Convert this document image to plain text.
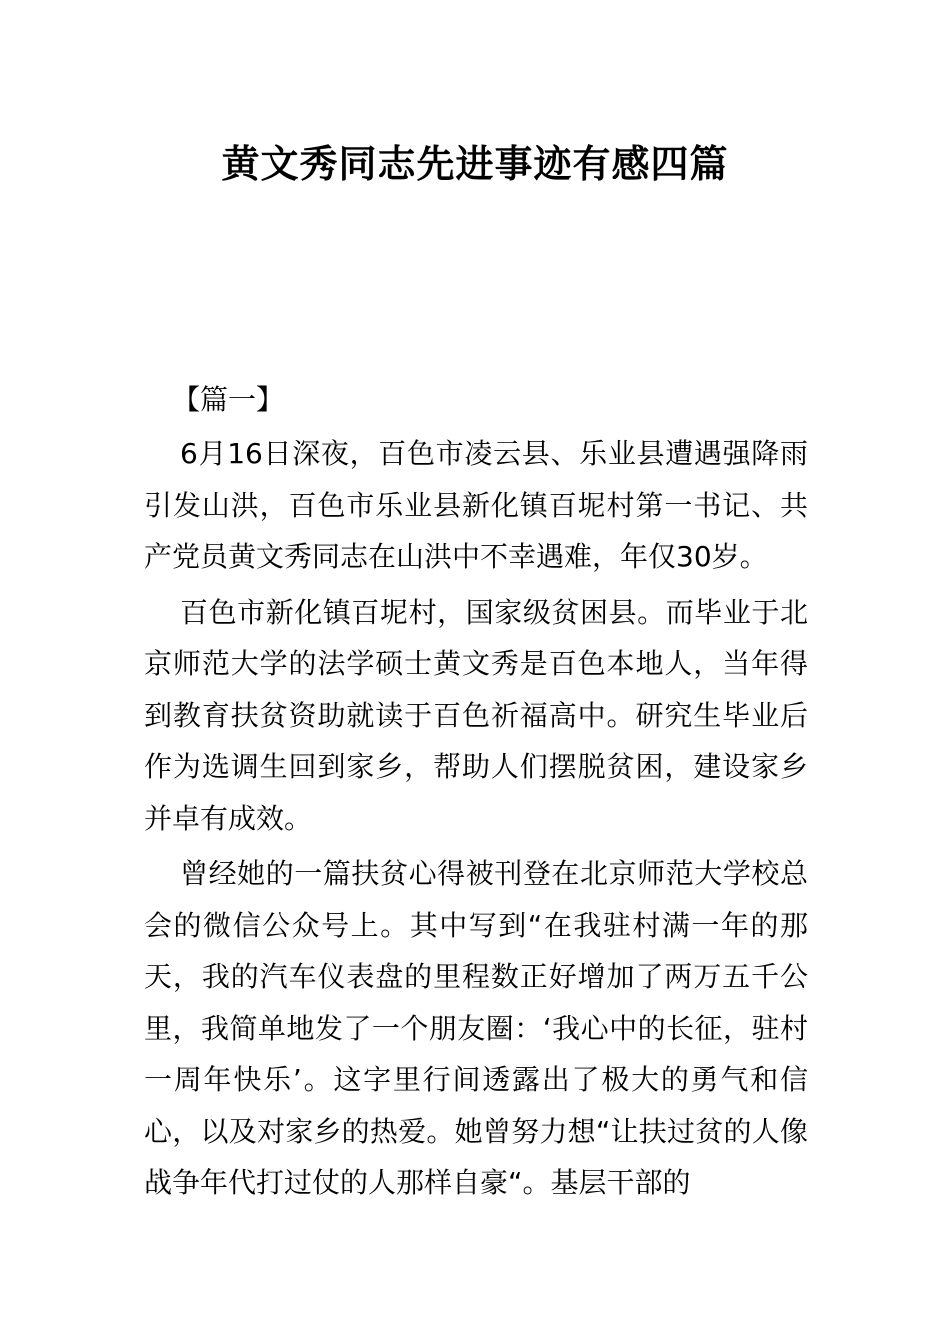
黄文秀同志先进事迹有感四篇

【篇一】

6月16日深夜，百色市凌云县、乐业县遭遇强降雨引发山洪，百色市乐业县新化镇百坭村第一书记、共产党员黄文秀同志在山洪中不幸遇难，年仅30岁。

百色市新化镇百坭村，国家级贫困县。而毕业于北京师范大学的法学硕士黄文秀是百色本地人，当年得到教育扶贫资助就读于百色祈福高中。研究生毕业后作为选调生回到家乡，帮助人们摆脱贫困，建设家乡并卓有成效。

曾经她的一篇扶贫心得被刊登在北京师范大学校总会的微信公众号上。其中写到“在我驻村满一年的那天，我的汽车仪表盘的里程数正好增加了两万五千公里，我简单地发了一个朋友圈：‘我心中的长征，驻村一周年快乐’。这字里行间透露出了极大的勇气和信心，以及对家乡的热爱。她曾努力想“让扶过贫的人像战争年代打过仗的人那样自豪“。基层干部的
